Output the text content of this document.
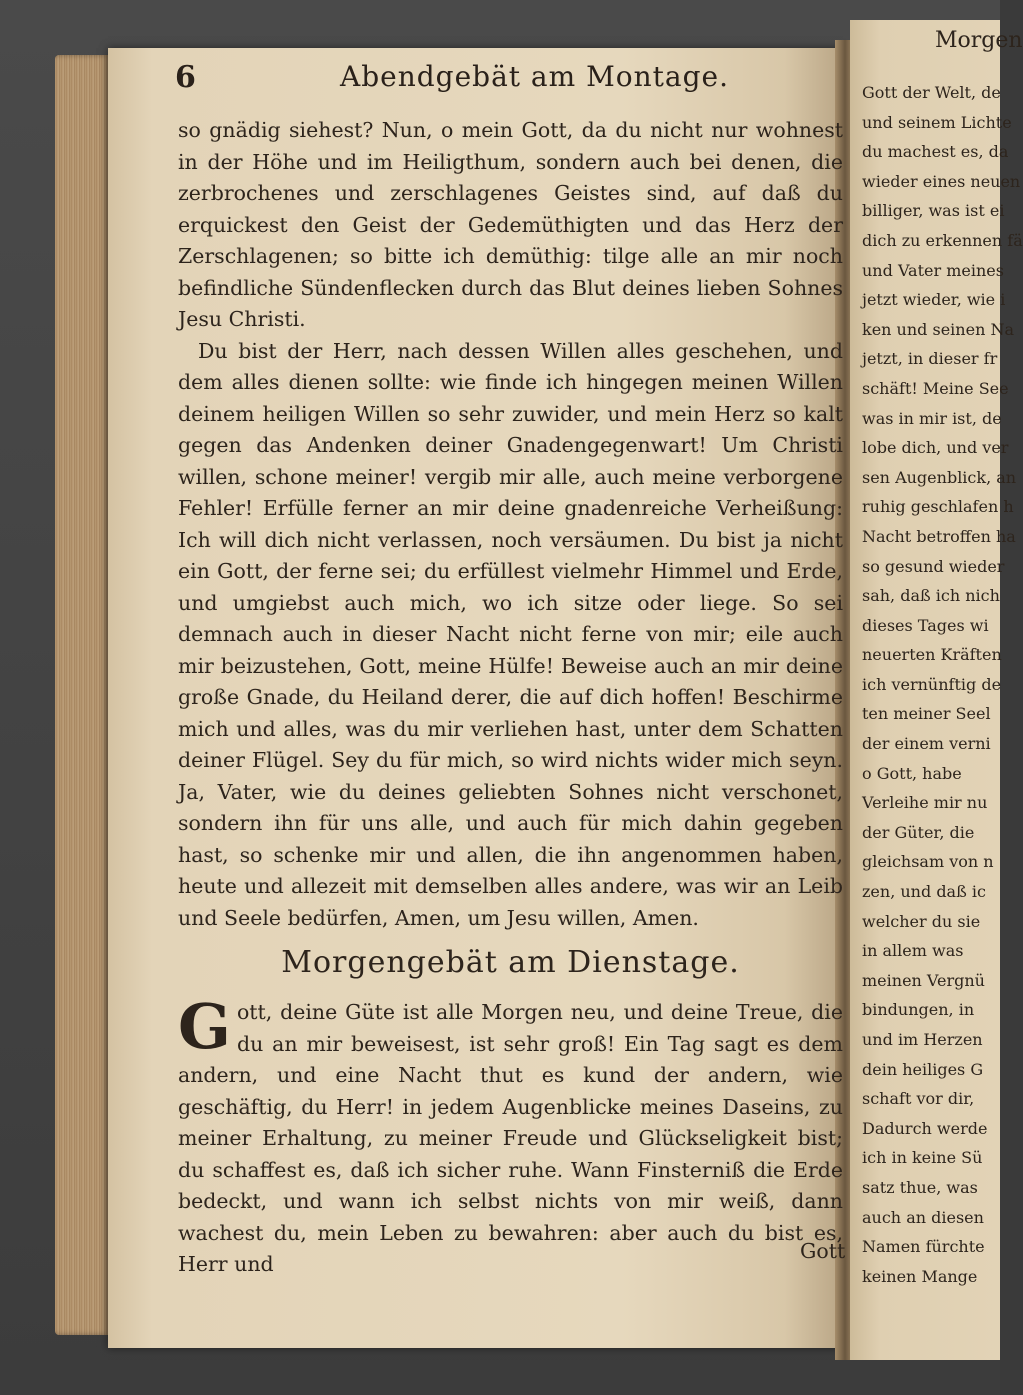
6	Abendgebät am Montage.

so gnädig siehest? Nun, o mein Gott, da du nicht nur wohnest in der Höhe und im Heiligthum, sondern auch bei denen, die zerbrochenes und zerschlagenes Geistes sind, auf daß du erquickest den Geist der Gedemüthigten und das Herz der Zerschlagenen; so bitte ich demüthig: tilge alle an mir noch befindliche Sündenflecken durch das Blut deines lieben Sohnes Jesu Christi.

Du bist der Herr, nach dessen Willen alles geschehen, und dem alles dienen sollte: wie finde ich hingegen meinen Willen deinem heiligen Willen so sehr zuwider, und mein Herz so kalt gegen das Andenken deiner Gnadengegenwart! Um Christi willen, schone meiner! vergib mir alle, auch meine verborgene Fehler! Erfülle ferner an mir deine gnadenreiche Verheißung: Ich will dich nicht verlassen, noch versäumen. Du bist ja nicht ein Gott, der ferne sei; du erfüllest vielmehr Himmel und Erde, und umgiebst auch mich, wo ich sitze oder liege. So sei demnach auch in dieser Nacht nicht ferne von mir; eile auch mir beizustehen, Gott, meine Hülfe! Beweise auch an mir deine große Gnade, du Heiland derer, die auf dich hoffen! Beschirme mich und alles, was du mir verliehen hast, unter dem Schatten deiner Flügel. Sey du für mich, so wird nichts wider mich seyn. Ja, Vater, wie du deines geliebten Sohnes nicht verschonet, sondern ihn für uns alle, und auch für mich dahin gegeben hast, so schenke mir und allen, die ihn angenommen haben, heute und allezeit mit demselben alles andere, was wir an Leib und Seele bedürfen, Amen, um Jesu willen, Amen.

Morgengebät am Dienstage.
G ott, deine Güte ist alle Morgen neu, und deine Treue, die du an mir beweisest, ist sehr groß! Ein Tag sagt es dem andern, und eine Nacht thut es kund der andern, wie geschäftig, du Herr! in jedem Augenblicke meines Daseins, zu meiner Erhaltung, zu meiner Freude und Glückseligkeit bist; du schaffest es, daß ich sicher ruhe. Wann Finsterniß die Erde bedeckt, und wann ich selbst nichts von mir weiß, dann wachest du, mein Leben zu bewahren: aber auch du bist es, Herr und
Gott
Morgen
Gott der Welt, de
und seinem Lichte
du machest es, da
wieder eines neuen
billiger, was ist ei
dich zu erkennen fä
und Vater meines
jetzt wieder, wie i
ken und seinen Na
jetzt, in dieser fr
schäft! Meine See
was in mir ist, de
lobe dich, und ver
sen Augenblick, an
ruhig geschlafen h
Nacht betroffen ha
so gesund wieder
sah, daß ich nich
dieses Tages wi
neuerten Kräften
ich vernünftig de
ten meiner Seel
der einem verni
o Gott, habe
Verleihe mir nu
der Güter, die
gleichsam von n
zen, und daß ic
welcher du sie
in allem was
meinen Vergnü
bindungen, in
und im Herzen
dein heiliges G
schaft vor dir,
Dadurch werde
ich in keine Sü
satz thue, was
auch an diesen
Namen fürchte
keinen Mange
